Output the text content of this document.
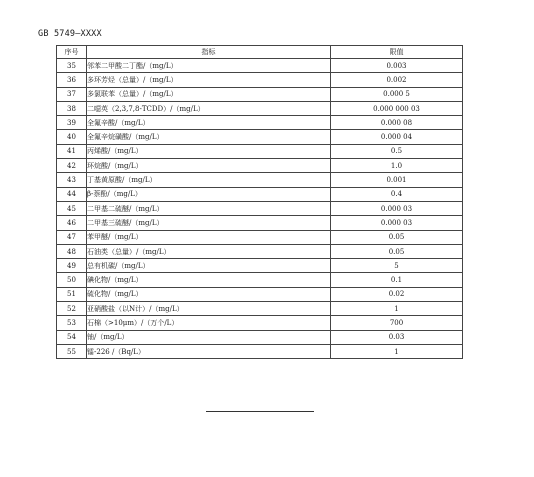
GB 5749—XXXX
序号	指标	限值
35	邻苯二甲酸二丁酯/（mg/L）	0.003
36	多环芳烃（总量）/（mg/L）	0.002
37	多氯联苯（总量）/（mg/L）	0.000 5
38	二噁英（2,3,7,8-TCDD）/（mg/L）	0.000 000 03
39	全氟辛酸/（mg/L）	0.000 08
40	全氟辛烷磺酸/（mg/L）	0.000 04
41	丙烯酸/（mg/L）	0.5
42	环烷酸/（mg/L）	1.0
43	丁基黄原酸/（mg/L）	0.001
44	β-萘酚/（mg/L）	0.4
45	二甲基二硫醚/（mg/L）	0.000 03
46	二甲基三硫醚/（mg/L）	0.000 03
47	苯甲醚/（mg/L）	0.05
48	石油类（总量）/（mg/L）	0.05
49	总有机碳/（mg/L）	5
50	碘化物/（mg/L）	0.1
51	硫化物/（mg/L）	0.02
52	亚硝酸盐（以N计）/（mg/L）	1
53	石棉（>10μm）/（万个/L）	700
54	铀/（mg/L）	0.03
55	镭-226 /（Bq/L）	1
